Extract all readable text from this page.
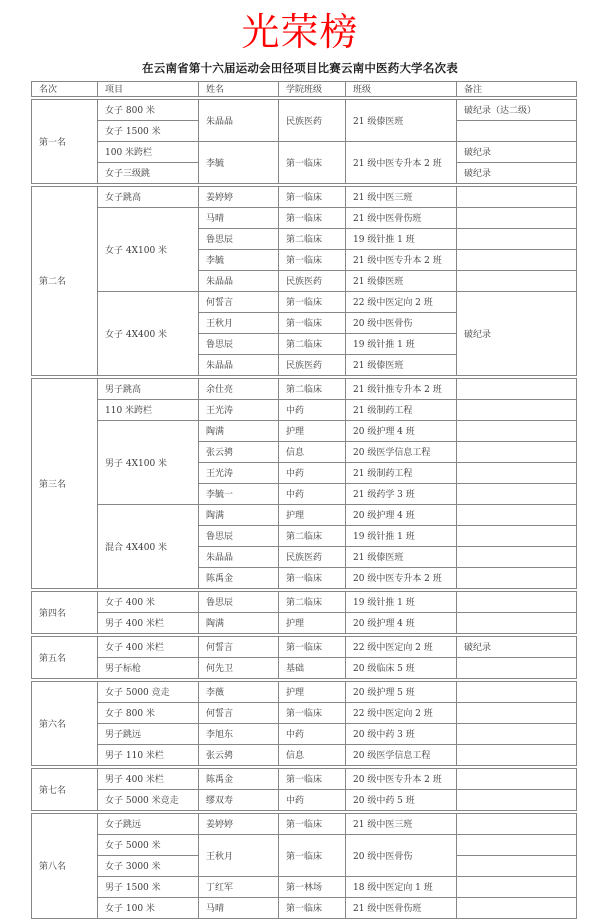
光荣榜
在云南省第十六届运动会田径项目比赛云南中医药大学名次表
名次	项目	姓名	学院班级	班级	备注
第一名	女子 800 米	朱晶晶	民族医药	21 级傣医班	破纪录（达二级）
	女子 1500 米				
	100 米跨栏	李毓	第一临床	21 级中医专升本 2 班	破纪录
	女子三级跳				破纪录
第二名	女子跳高	姜婷婷	第一临床	21 级中医三班	
	女子 4X100 米	马晴	第一临床	21 级中医骨伤班	
		鲁思辰	第二临床	19 级针推 1 班	
		李毓	第一临床	21 级中医专升本 2 班	
		朱晶晶	民族医药	21 级傣医班	
	女子 4X400 米	何誓言	第一临床	22 级中医定向 2 班	破纪录
		王秋月	第一临床	20 级中医骨伤	
		鲁思辰	第二临床	19 级针推 1 班	
		朱晶晶	民族医药	21 级傣医班	
第三名	男子跳高	余仕亮	第二临床	21 级针推专升本 2 班	
	110 米跨栏	王光涛	中药	21 级制药工程	
	男子 4X100 米	陶满	护理	20 级护理 4 班	
		张云骋	信息	20 级医学信息工程	
		王光涛	中药	21 级制药工程	
		李毓一	中药	21 级药学 3 班	
	混合 4X400 米	陶满	护理	20 级护理 4 班	
		鲁思辰	第二临床	19 级针推 1 班	
		朱晶晶	民族医药	21 级傣医班	
		陈禹金	第一临床	20 级中医专升本 2 班	
第四名	女子 400 米	鲁思辰	第二临床	19 级针推 1 班	
	男子 400 米栏	陶满	护理	20 级护理 4 班	
第五名	女子 400 米栏	何誓言	第一临床	22 级中医定向 2 班	破纪录
	男子标枪	何先卫	基础	20 级临床 5 班	
第六名	女子 5000 竞走	李薇	护理	20 级护理 5 班	
	女子 800 米	何誓言	第一临床	22 级中医定向 2 班	
	男子跳远	李旭东	中药	20 级中药 3 班	
	男子 110 米栏	张云骋	信息	20 级医学信息工程	
第七名	男子 400 米栏	陈禹金	第一临床	20 级中医专升本 2 班	
	女子 5000 米竞走	缪双寿	中药	20 级中药 5 班	
第八名	女子跳远	姜婷婷	第一临床	21 级中医三班	
	女子 5000 米	王秋月	第一临床	20 级中医骨伤	
	女子 3000 米				
	男子 1500 米	丁红军	第一林场	18 级中医定向 1 班	
	女子 100 米	马晴	第一临床	21 级中医骨伤班	
